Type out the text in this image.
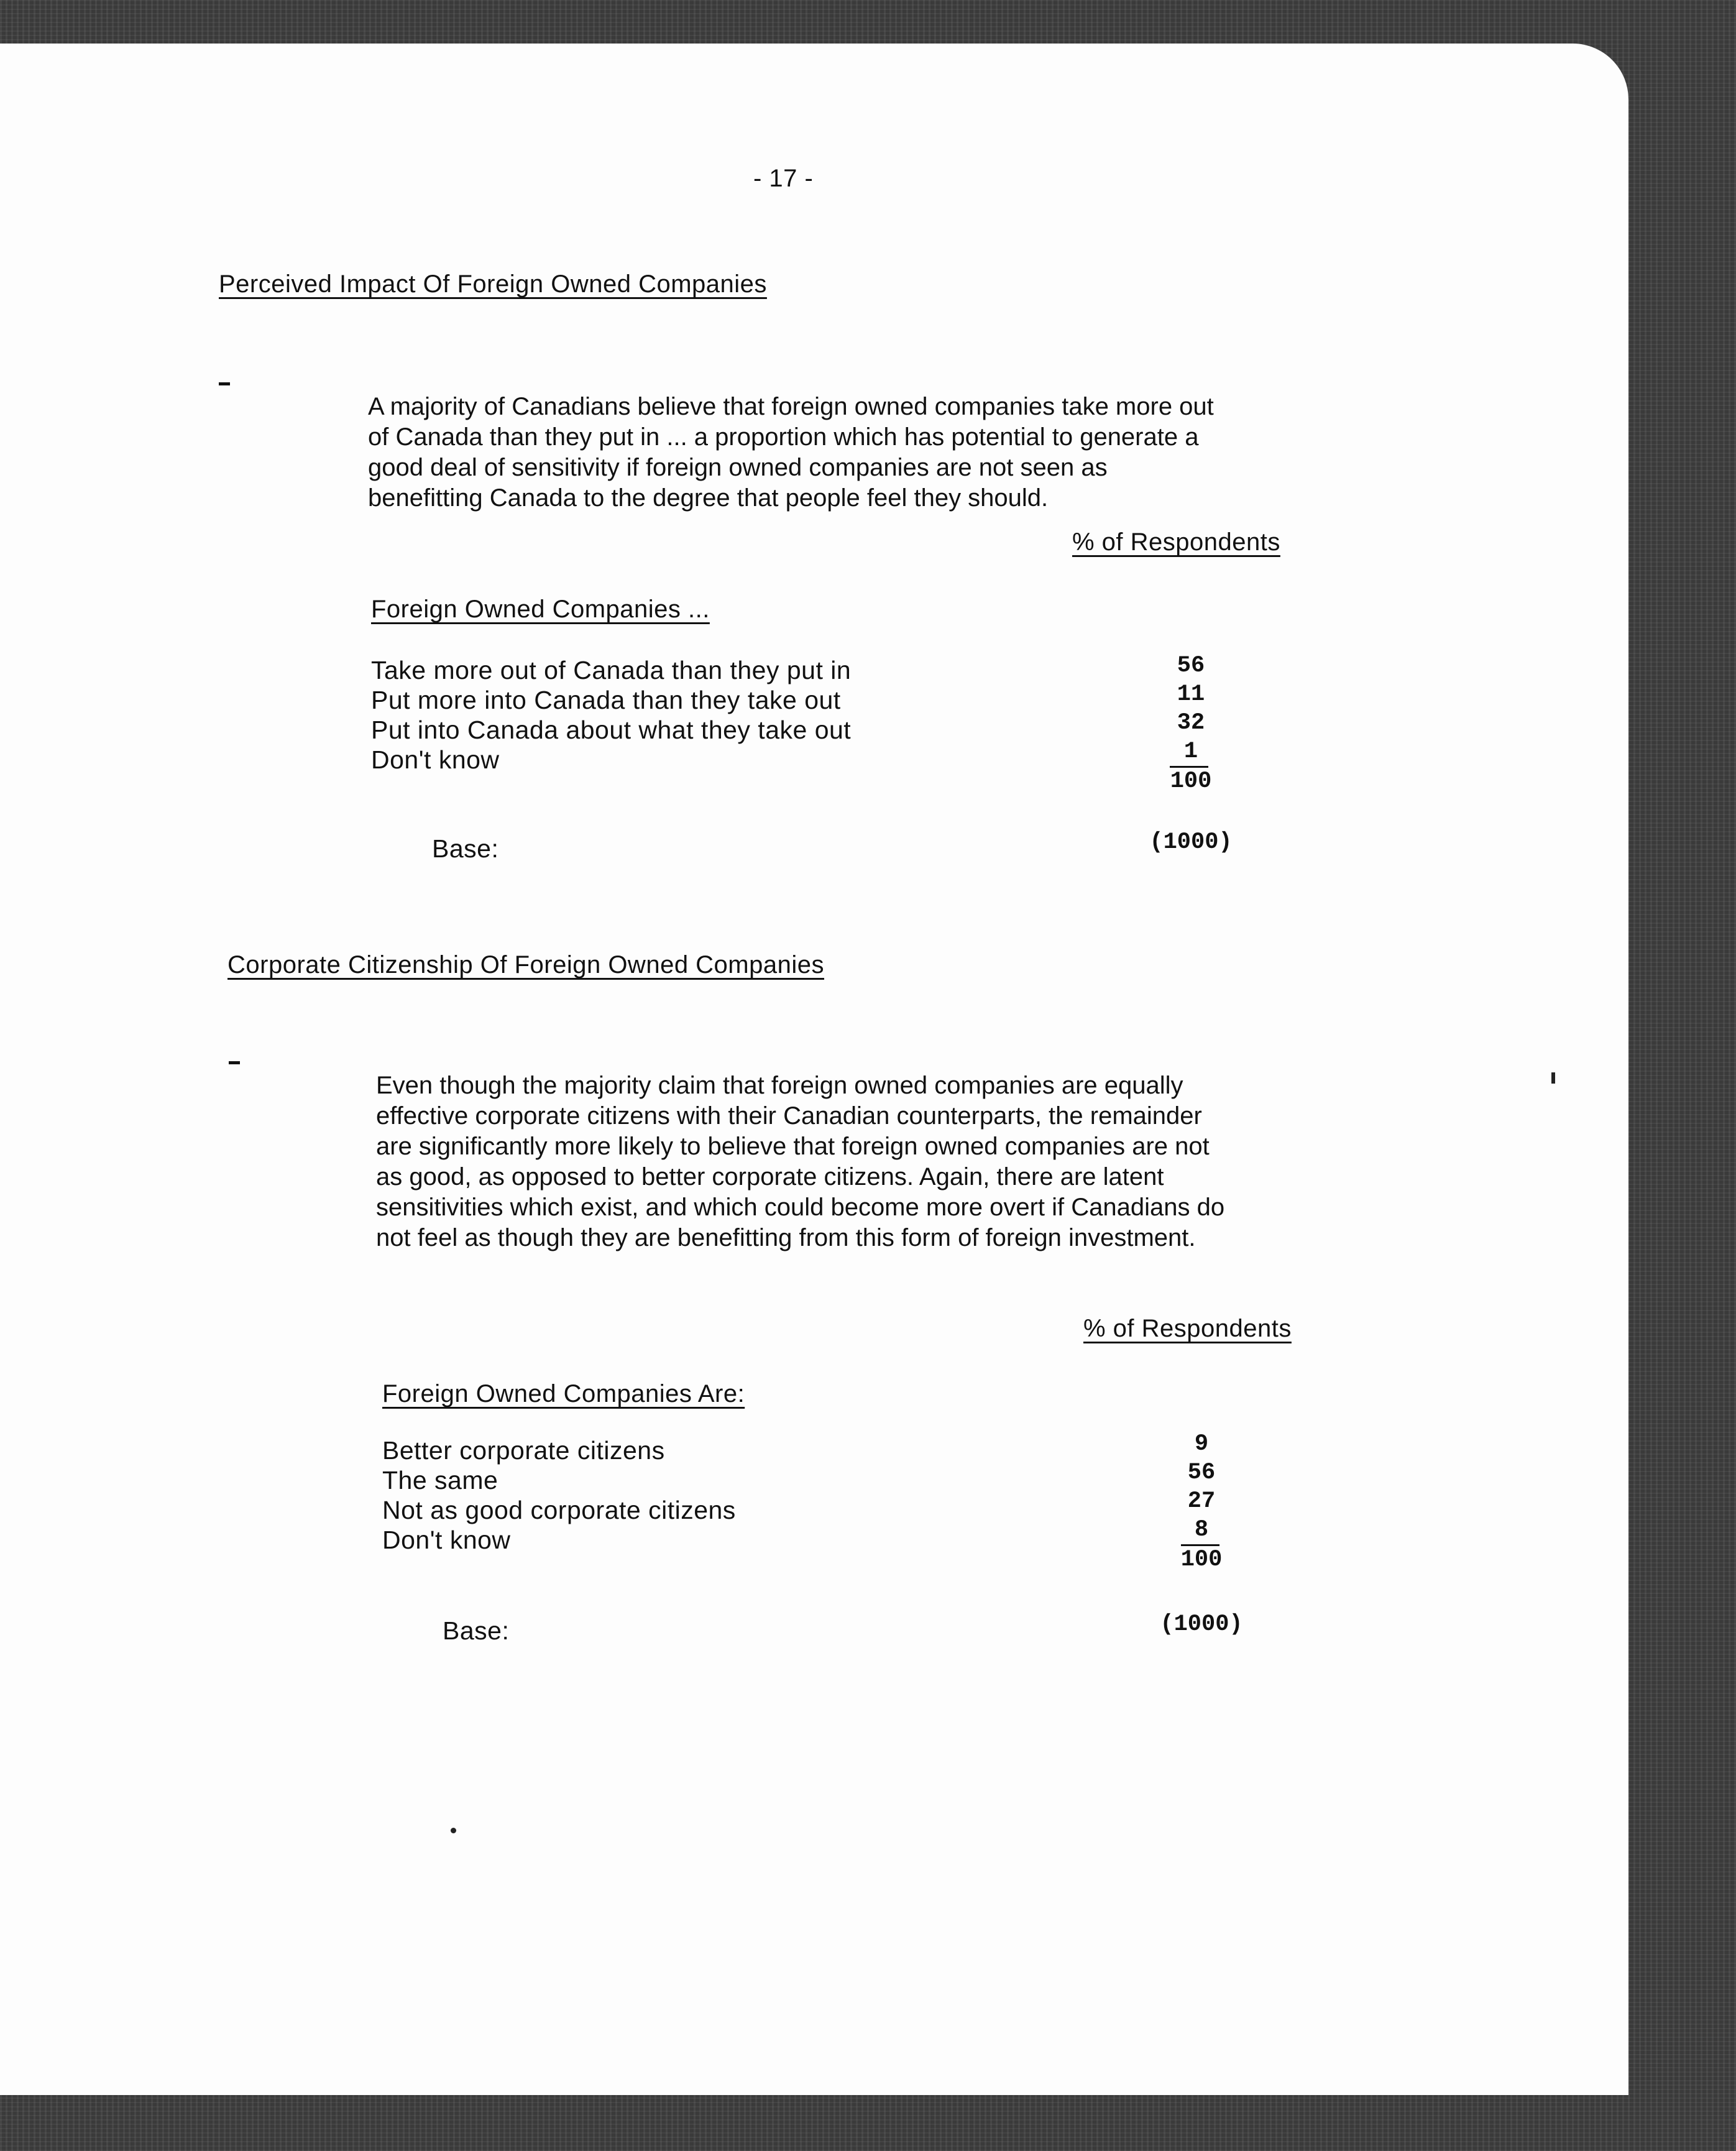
- 17 -
Perceived Impact Of Foreign Owned Companies
A majority of Canadians believe that foreign owned companies take more out
of Canada than they put in ... a proportion which has potential to generate a
good deal of sensitivity if foreign owned companies are not seen as
benefitting Canada to the degree that people feel they should.
% of Respondents
Foreign Owned Companies ...
Take more out of Canada than they put in
Put more into Canada than they take out
Put into Canada about what they take out
Don't know
56
11
32
1
100
Base:	(1000)
Corporate Citizenship Of Foreign Owned Companies
Even though the majority claim that foreign owned companies are equally
effective corporate citizens with their Canadian counterparts, the remainder
are significantly more likely to believe that foreign owned companies are not
as good, as opposed to better corporate citizens. Again, there are latent
sensitivities which exist, and which could become more overt if Canadians do
not feel as though they are benefitting from this form of foreign investment.
% of Respondents
Foreign Owned Companies Are:
Better corporate citizens
The same
Not as good corporate citizens
Don't know
9
56
27
8
100
Base:	(1000)
